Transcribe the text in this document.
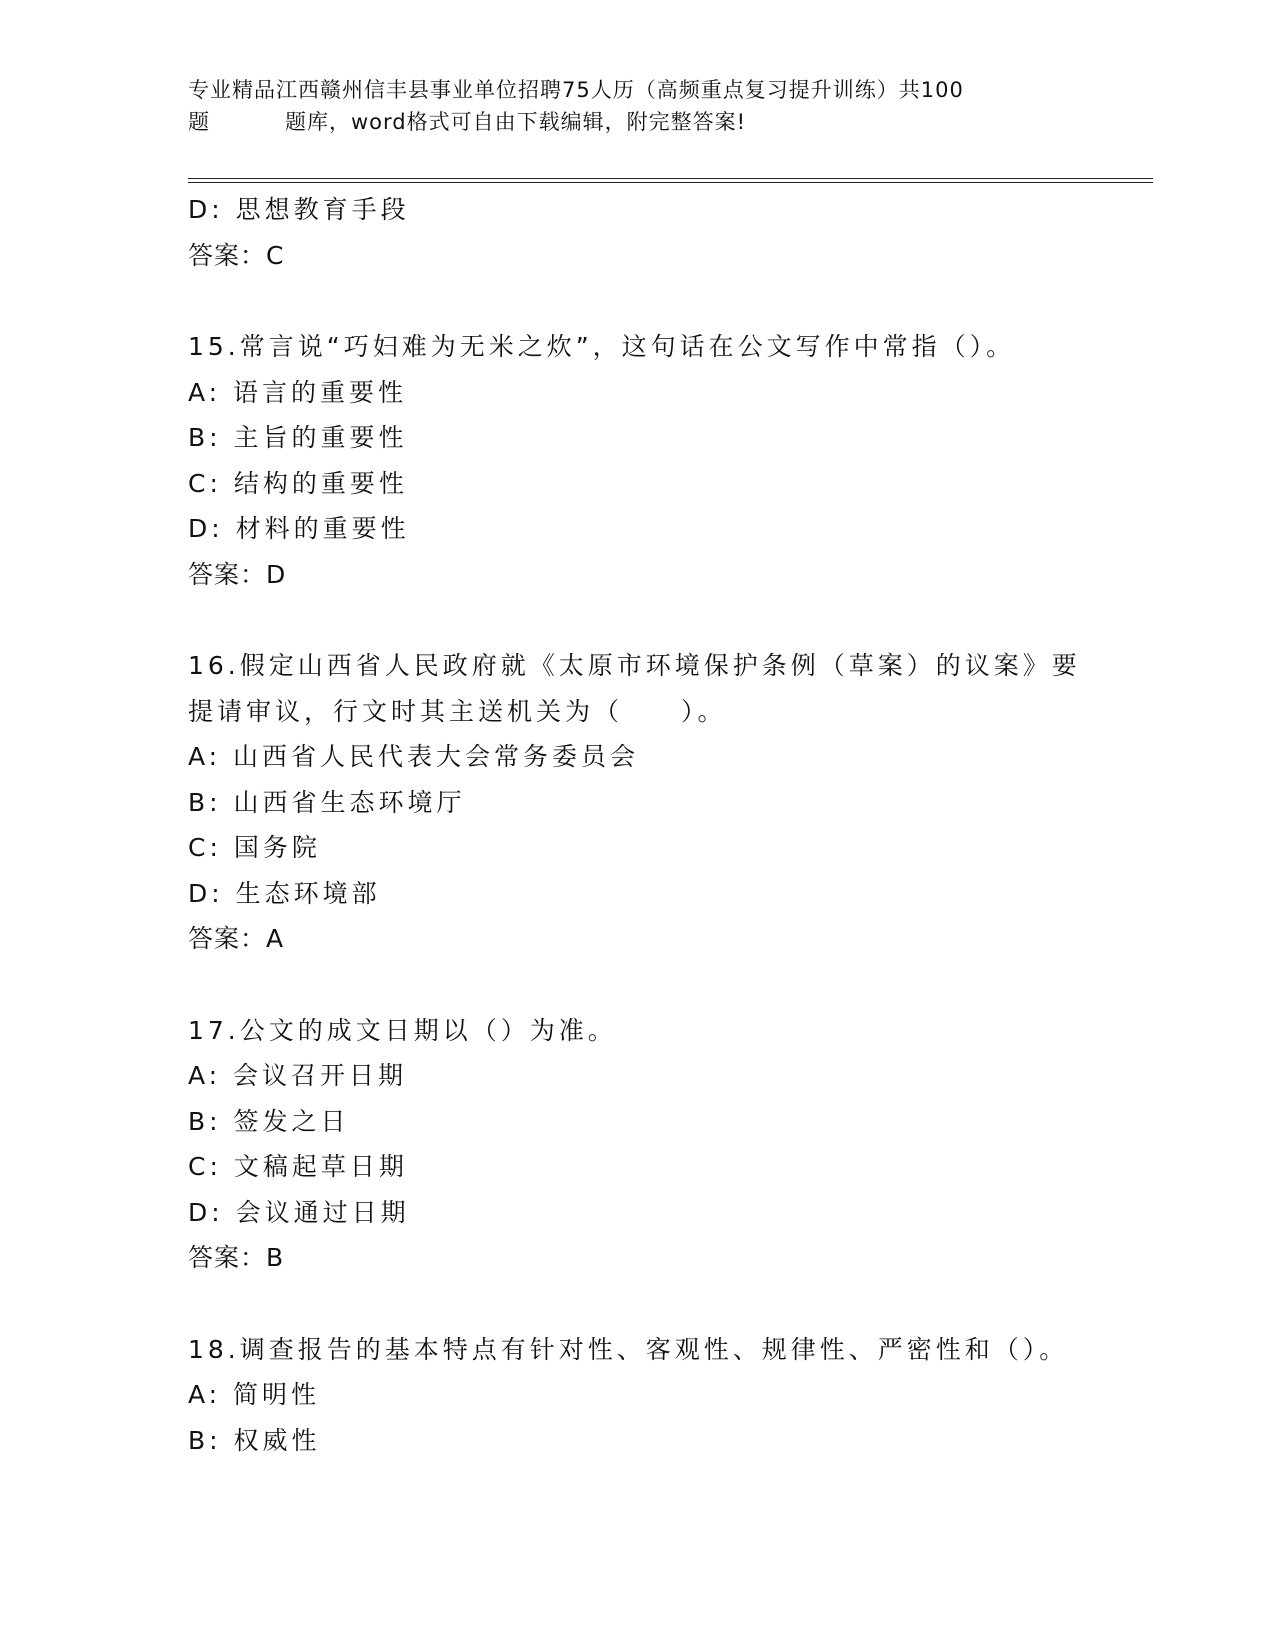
专业精品江西赣州信丰县事业单位招聘75人历（高频重点复习提升训练）共100
题	题库，word格式可自由下载编辑，附完整答案!
D: 思想教育手段
答案：C
15.常言说“巧妇难为无米之炊”，这句话在公文写作中常指（）。
A: 语言的重要性
B: 主旨的重要性
C: 结构的重要性
D: 材料的重要性
答案：D
16.假定山西省人民政府就《太原市环境保护条例（草案）的议案》要
提请审议，行文时其主送机关为（　　）。
A: 山西省人民代表大会常务委员会
B: 山西省生态环境厅
C: 国务院
D: 生态环境部
答案：A
17.公文的成文日期以（）为准。
A: 会议召开日期
B: 签发之日
C: 文稿起草日期
D: 会议通过日期
答案：B
18.调查报告的基本特点有针对性、客观性、规律性、严密性和（）。
A: 简明性
B: 权威性
